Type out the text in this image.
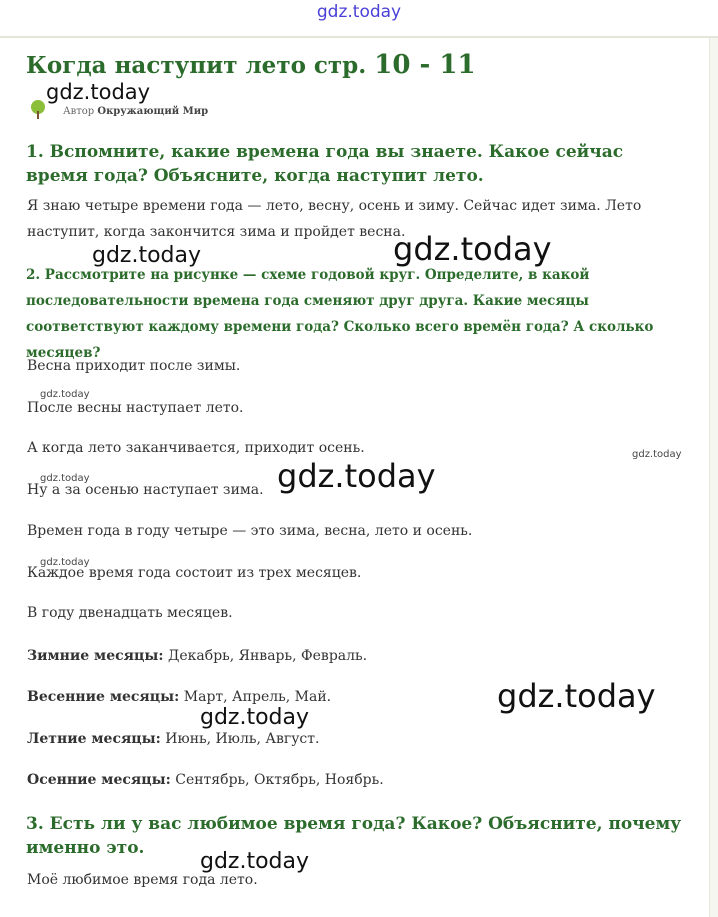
gdz.today
Когда наступит лето стр. 10 - 11
gdz.today
Автор Окружающий Мир
1. Вспомните, какие времена года вы знаете. Какое сейчас время года? Объясните, когда наступит лето.

Я знаю четыре времени года — лето, весну, осень и зиму. Сейчас идет зима. Лето наступит, когда закончится зима и пройдет весна.

2. Рассмотрите на рисунке — схеме годовой круг. Определите, в какой последовательности времена года сменяют друг друга. Какие месяцы соответствуют каждому времени года? Сколько всего времён года? А сколько месяцев?

Весна приходит после зимы.

После весны наступает лето.

А когда лето заканчивается, приходит осень.

Ну а за осенью наступает зима.

Времен года в году четыре — это зима, весна, лето и осень.

Каждое время года состоит из трех месяцев.

В году двенадцать месяцев.

Зимние месяцы: Декабрь, Январь, Февраль.

Весенние месяцы: Март, Апрель, Май.

Летние месяцы: Июнь, Июль, Август.

Осенние месяцы: Сентябрь, Октябрь, Ноябрь.

3. Есть ли у вас любимое время года? Какое? Объясните, почему именно это.

Моё любимое время года лето.

gdz.today	gdz.today
gdz.today
gdz.today
gdz.today
gdz.today
gdz.today
gdz.today
gdz.today
gdz.today
